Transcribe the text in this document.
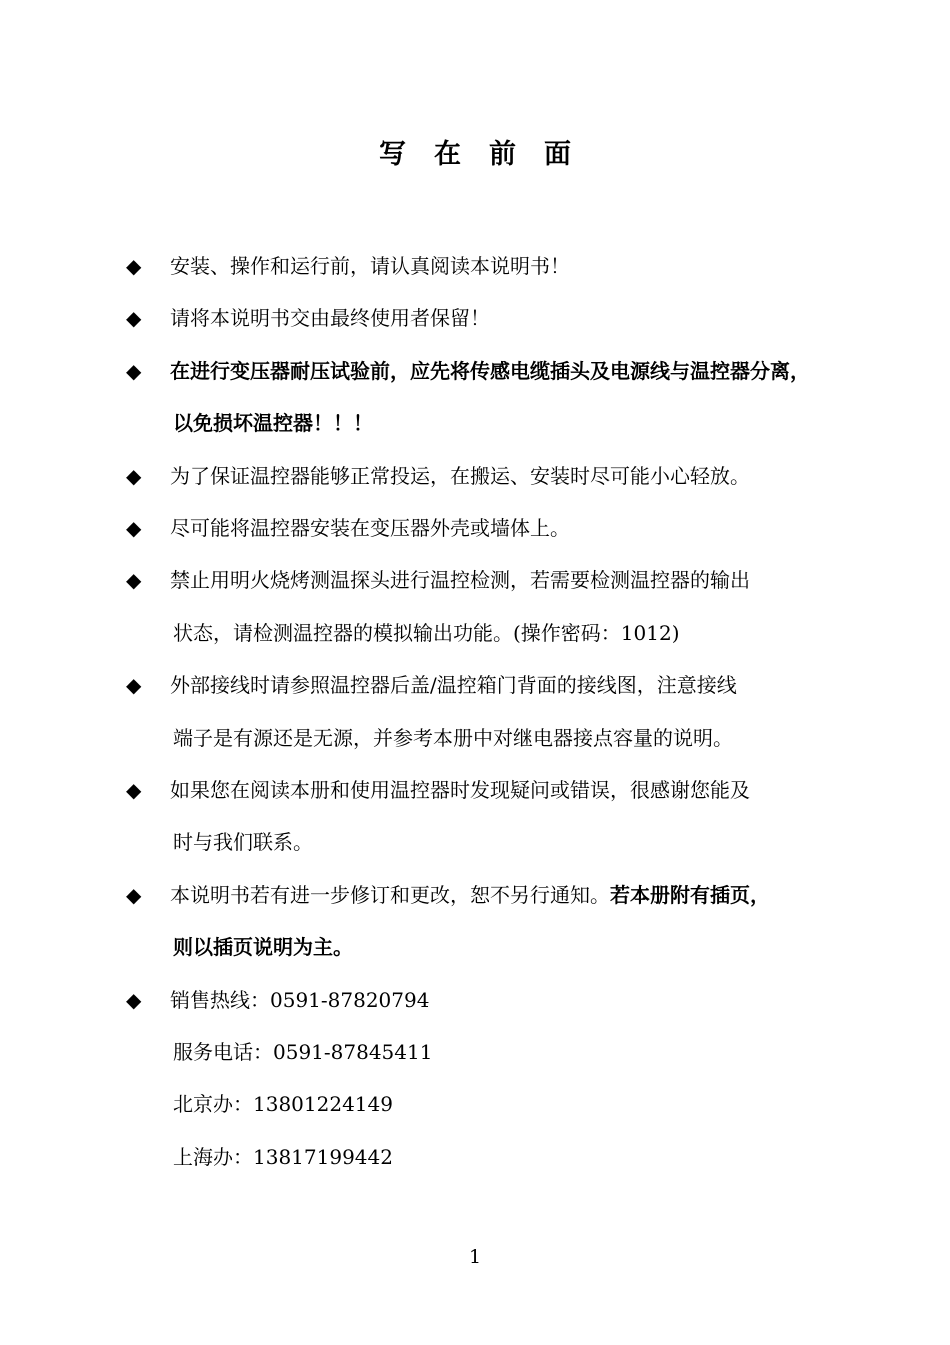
写在前面
◆ 安装、操作和运行前，请认真阅读本说明书！
◆ 请将本说明书交由最终使用者保留！
◆ 在进行变压器耐压试验前，应先将传感电缆插头及电源线与温控器分离，
以免损坏温控器！！！
◆ 为了保证温控器能够正常投运，在搬运、安装时尽可能小心轻放。
◆ 尽可能将温控器安装在变压器外壳或墙体上。
◆ 禁止用明火烧烤测温探头进行温控检测，若需要检测温控器的输出
状态，请检测温控器的模拟输出功能。(操作密码：1012)
◆ 外部接线时请参照温控器后盖/温控箱门背面的接线图，注意接线
端子是有源还是无源，并参考本册中对继电器接点容量的说明。
◆ 如果您在阅读本册和使用温控器时发现疑问或错误，很感谢您能及
时与我们联系。
◆ 本说明书若有进一步修订和更改，恕不另行通知。若本册附有插页，
则以插页说明为主。
◆ 销售热线：0591-87820794
服务电话：0591-87845411
北京办：13801224149
上海办：13817199442
1
